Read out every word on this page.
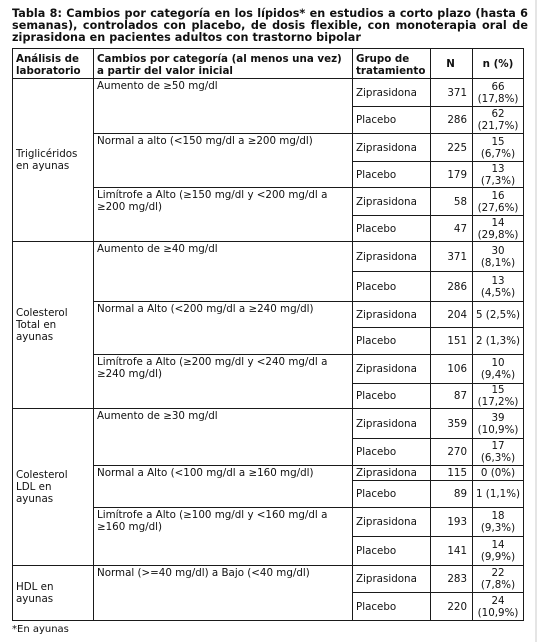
Tabla 8: Cambios por categoría en los lípidos* en estudios a corto plazo (hasta 6 semanas), controlados con placebo, de dosis flexible, con monoterapia oral de ziprasidona en pacientes adultos con trastorno bipolar

Análisis de laboratorio	Cambios por categoría (al menos una vez) a partir del valor inicial	Grupo de tratamiento	N	n (%)
Triglicéridos en ayunas	Aumento de ≥50 mg/dl	Ziprasidona	371	66 (17,8%)
		Placebo	286	62 (21,7%)
	Normal a alto (<150 mg/dl a ≥200 mg/dl)	Ziprasidona	225	15 (6,7%)
		Placebo	179	13 (7,3%)
	Limítrofe a Alto (≥150 mg/dl y <200 mg/dl a ≥200 mg/dl)	Ziprasidona	58	16 (27,6%)
		Placebo	47	14 (29,8%)
Colesterol Total en ayunas	Aumento de ≥40 mg/dl	Ziprasidona	371	30 (8,1%)
		Placebo	286	13 (4,5%)
	Normal a Alto (<200 mg/dl a ≥240 mg/dl)	Ziprasidona	204	5 (2,5%)
		Placebo	151	2 (1,3%)
	Limítrofe a Alto (≥200 mg/dl y <240 mg/dl a ≥240 mg/dl)	Ziprasidona	106	10 (9,4%)
		Placebo	87	15 (17,2%)
Colesterol LDL en ayunas	Aumento de ≥30 mg/dl	Ziprasidona	359	39 (10,9%)
		Placebo	270	17 (6,3%)
	Normal a Alto (<100 mg/dl a ≥160 mg/dl)	Ziprasidona	115	0 (0%)
		Placebo	89	1 (1,1%)
	Limítrofe a Alto (≥100 mg/dl y <160 mg/dl a ≥160 mg/dl)	Ziprasidona	193	18 (9,3%)
		Placebo	141	14 (9,9%)
HDL en ayunas	Normal (>=40 mg/dl) a Bajo (<40 mg/dl)	Ziprasidona	283	22 (7,8%)
		Placebo	220	24 (10,9%)

*En ayunas
